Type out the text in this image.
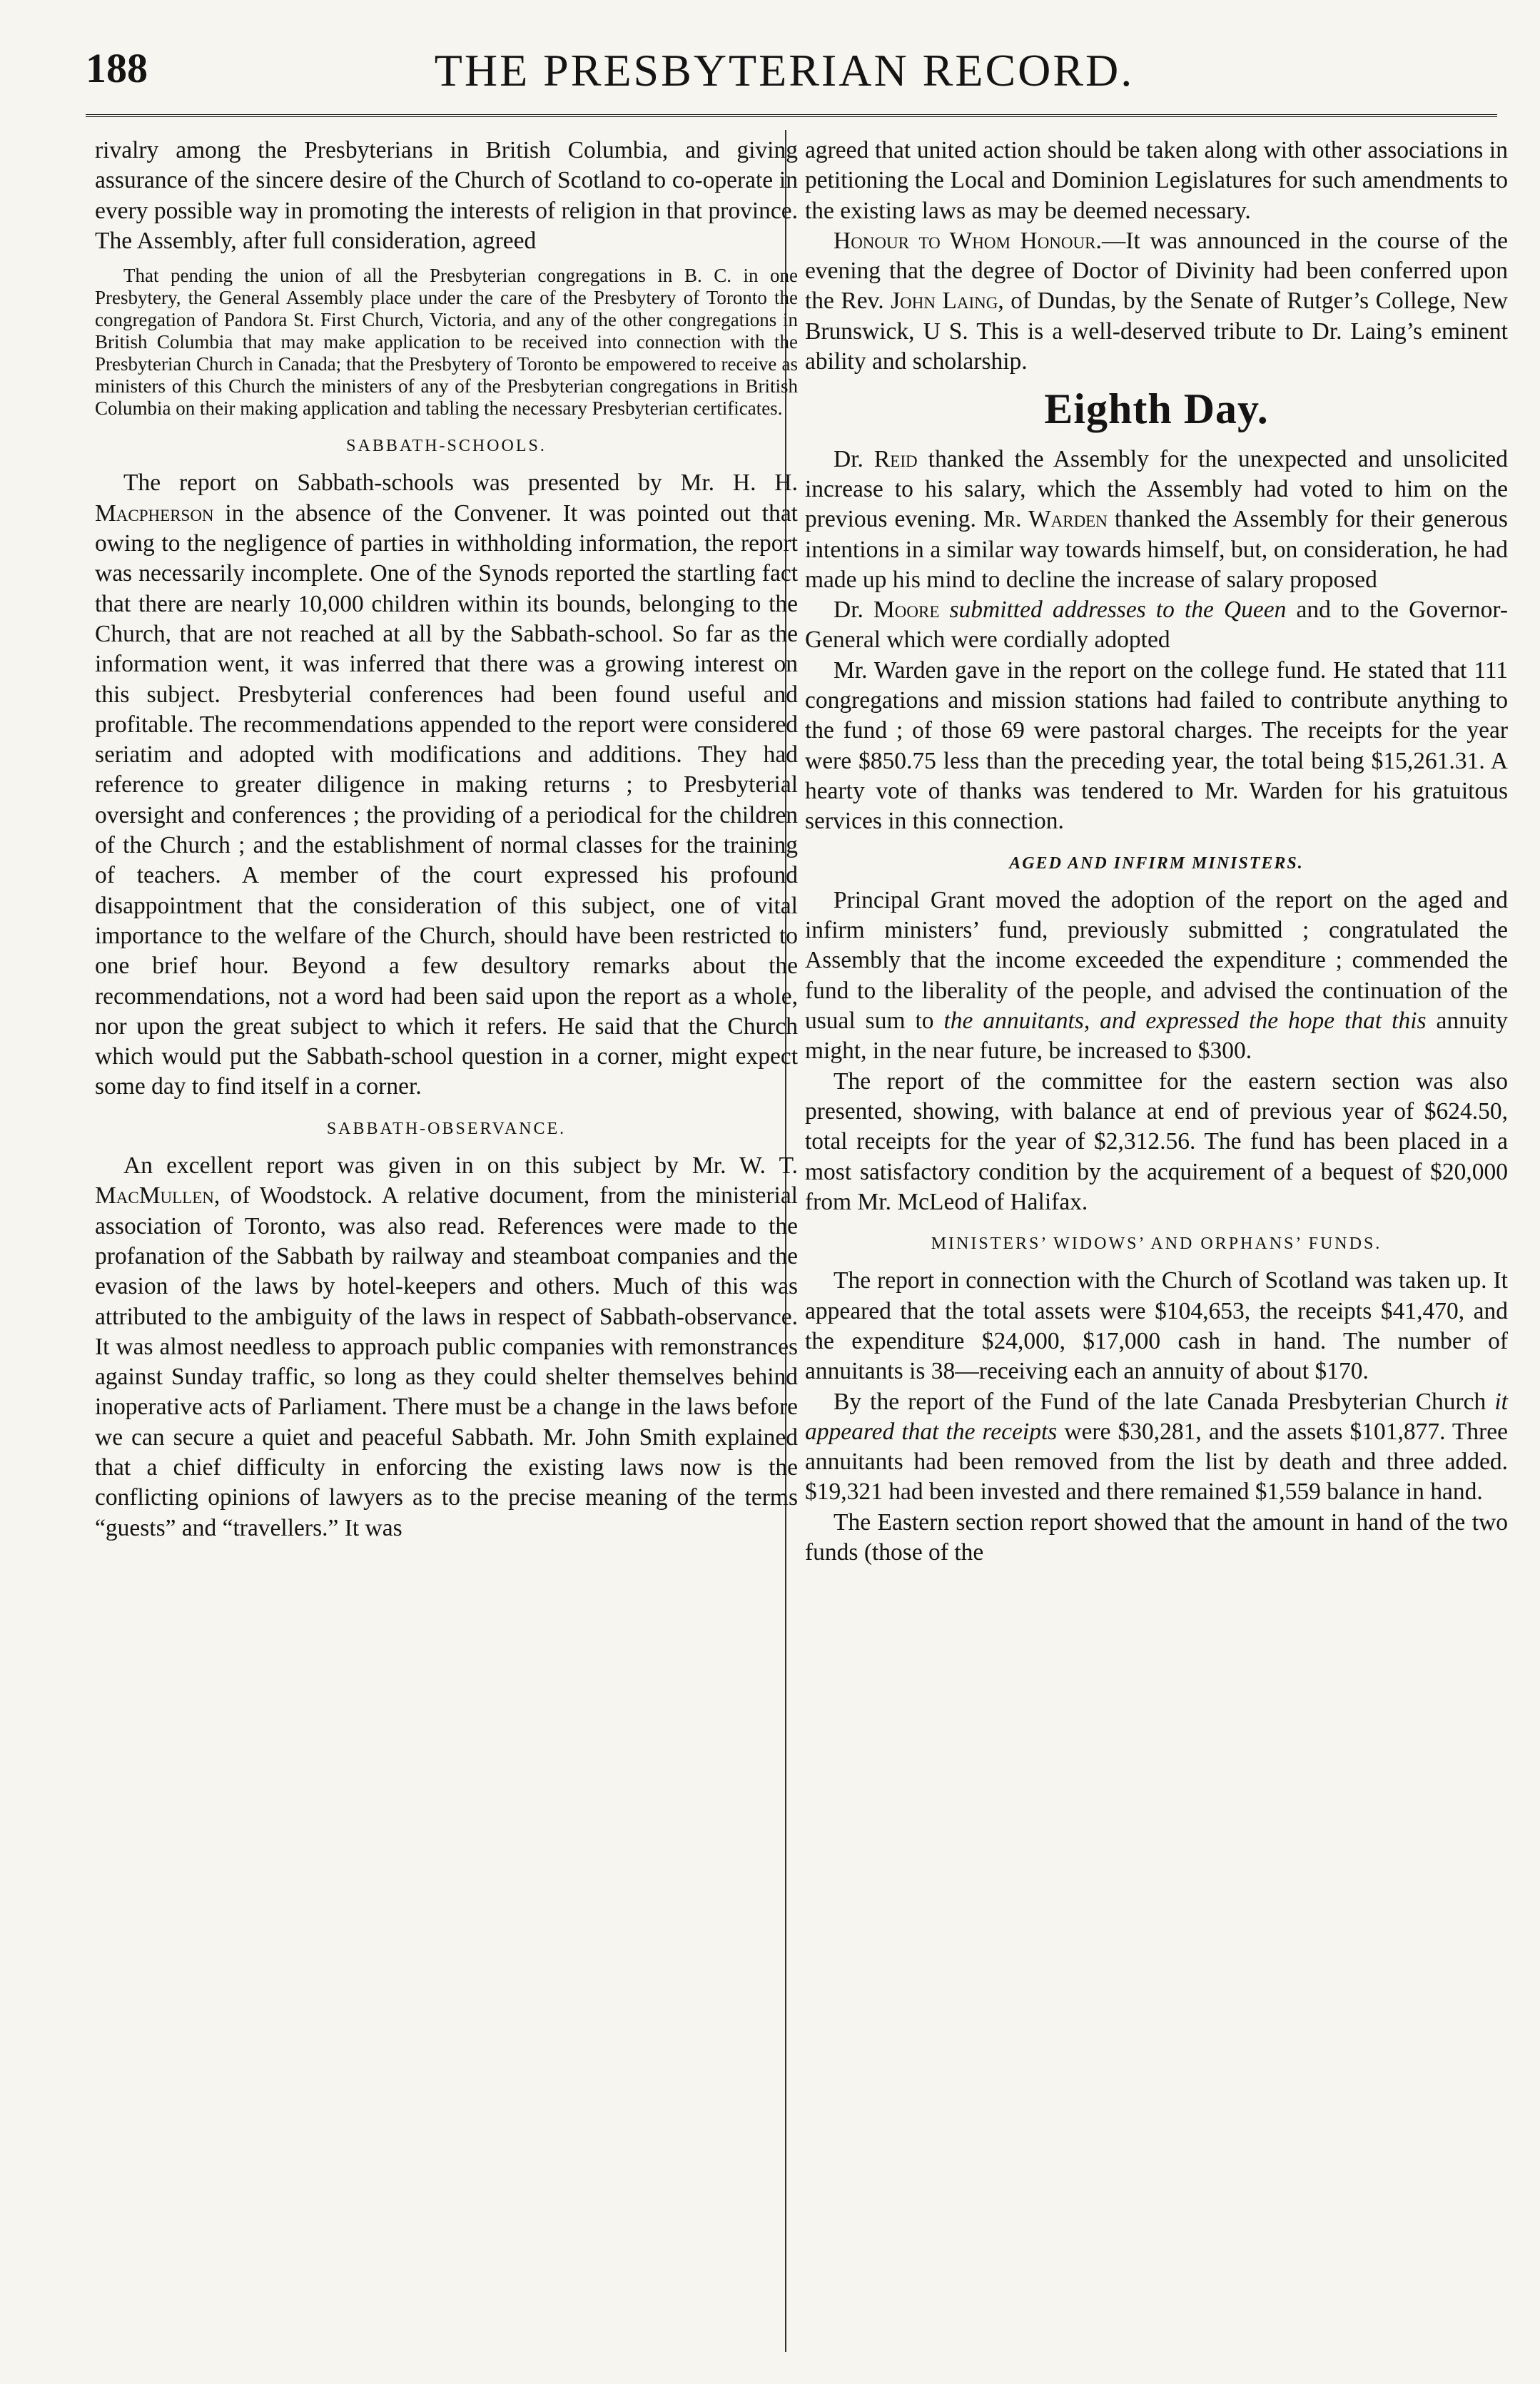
188	THE PRESBYTERIAN RECORD.

rivalry among the Presbyterians in British Columbia, and giving assurance of the sincere desire of the Church of Scotland to co-operate in every possible way in promoting the interests of religion in that province. The Assembly, after full consideration, agreed

That pending the union of all the Presbyterian congregations in B. C. in one Presbytery, the General Assembly place under the care of the Presbytery of Toronto the congregation of Pandora St. First Church, Victoria, and any of the other congregations in British Columbia that may make application to be received into connection with the Presbyterian Church in Canada; that the Presbytery of Toronto be empowered to receive as ministers of this Church the ministers of any of the Presbyterian congregations in British Columbia on their making application and tabling the necessary Presbyterian certificates.

SABBATH-SCHOOLS.

The report on Sabbath-schools was presented by Mr. H. H. Macpherson in the absence of the Convener. It was pointed out that owing to the negligence of parties in withholding information, the report was necessarily incomplete. One of the Synods reported the startling fact that there are nearly 10,000 children within its bounds, belonging to the Church, that are not reached at all by the Sabbath-school. So far as the information went, it was inferred that there was a growing interest on this subject. Presbyterial conferences had been found useful and profitable. The recommendations appended to the report were considered seriatim and adopted with modifications and additions. They had reference to greater diligence in making returns ; to Presbyterial oversight and conferences ; the providing of a periodical for the children of the Church ; and the establishment of normal classes for the training of teachers. A member of the court expressed his profound disappointment that the consideration of this subject, one of vital importance to the welfare of the Church, should have been restricted to one brief hour. Beyond a few desultory remarks about the recommendations, not a word had been said upon the report as a whole, nor upon the great subject to which it refers. He said that the Church which would put the Sabbath-school question in a corner, might expect some day to find itself in a corner.

SABBATH-OBSERVANCE.

An excellent report was given in on this subject by Mr. W. T. MacMullen, of Woodstock. A relative document, from the ministerial association of Toronto, was also read. References were made to the profanation of the Sabbath by railway and steamboat companies and the evasion of the laws by hotel-keepers and others. Much of this was attributed to the ambiguity of the laws in respect of Sabbath-observance. It was almost needless to approach public companies with remonstrances against Sunday traffic, so long as they could shelter themselves behind inoperative acts of Parliament. There must be a change in the laws before we can secure a quiet and peaceful Sabbath. Mr. John Smith explained that a chief difficulty in enforcing the existing laws now is the conflicting opinions of lawyers as to the precise meaning of the terms “guests” and “travellers.” It was

agreed that united action should be taken along with other associations in petitioning the Local and Dominion Legislatures for such amendments to the existing laws as may be deemed necessary.

Honour to Whom Honour.—It was announced in the course of the evening that the degree of Doctor of Divinity had been conferred upon the Rev. John Laing, of Dundas, by the Senate of Rutger’s College, New Brunswick, U S. This is a well-deserved tribute to Dr. Laing’s eminent ability and scholarship.

Eighth Day.

Dr. Reid thanked the Assembly for the unexpected and unsolicited increase to his salary, which the Assembly had voted to him on the previous evening. Mr. Warden thanked the Assembly for their generous intentions in a similar way towards himself, but, on consideration, he had made up his mind to decline the increase of salary proposed

Dr. Moore submitted addresses to the Queen and to the Governor-General which were cordially adopted

Mr. Warden gave in the report on the college fund. He stated that 111 congregations and mission stations had failed to contribute anything to the fund ; of those 69 were pastoral charges. The receipts for the year were $850.75 less than the preceding year, the total being $15,261.31. A hearty vote of thanks was tendered to Mr. Warden for his gratuitous services in this connection.

AGED AND INFIRM MINISTERS.

Principal Grant moved the adoption of the report on the aged and infirm ministers’ fund, previously submitted ; congratulated the Assembly that the income exceeded the expenditure ; commended the fund to the liberality of the people, and advised the continuation of the usual sum to the annuitants, and expressed the hope that this annuity might, in the near future, be increased to $300.

The report of the committee for the eastern section was also presented, showing, with balance at end of previous year of $624.50, total receipts for the year of $2,312.56. The fund has been placed in a most satisfactory condition by the acquirement of a bequest of $20,000 from Mr. McLeod of Halifax.

MINISTERS’ WIDOWS’ AND ORPHANS’ FUNDS.

The report in connection with the Church of Scotland was taken up. It appeared that the total assets were $104,653, the receipts $41,470, and the expenditure $24,000, $17,000 cash in hand. The number of annuitants is 38—receiving each an annuity of about $170.

By the report of the Fund of the late Canada Presbyterian Church it appeared that the receipts were $30,281, and the assets $101,877. Three annuitants had been removed from the list by death and three added. $19,321 had been invested and there remained $1,559 balance in hand.

The Eastern section report showed that the amount in hand of the two funds (those of the
